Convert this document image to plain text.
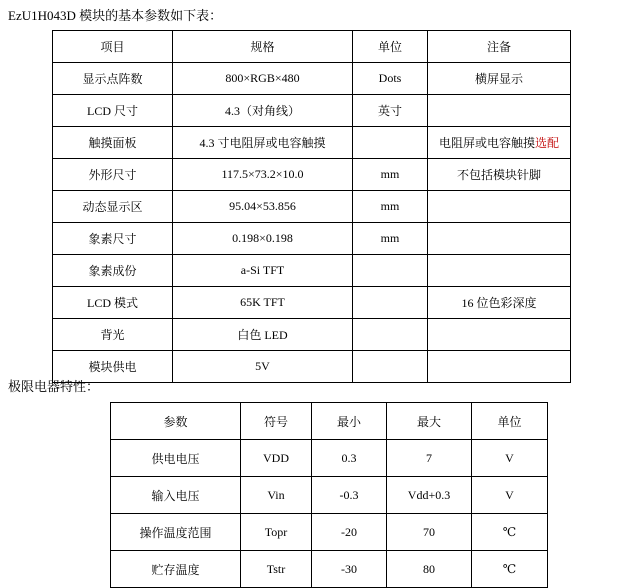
EzU1H043D 模块的基本参数如下表：
项目	规格	单位	注备
显示点阵数	800×RGB×480	Dots	横屏显示
LCD 尺寸	4.3（对角线）	英寸	
触摸面板	4.3 寸电阻屏或电容触摸		电阻屏或电容触摸选配
外形尺寸	117.5×73.2×10.0	mm	不包括模块针脚
动态显示区	95.04×53.856	mm	
象素尺寸	0.198×0.198	mm	
象素成份	a-Si TFT		
LCD 模式	65K TFT		16 位色彩深度
背光	白色 LED		
模块供电	5V		
极限电器特性：
参数	符号	最小	最大	单位
供电电压	VDD	0.3	7	V
输入电压	Vin	-0.3	Vdd+0.3	V
操作温度范围	Topr	-20	70	℃
贮存温度	Tstr	-30	80	℃
